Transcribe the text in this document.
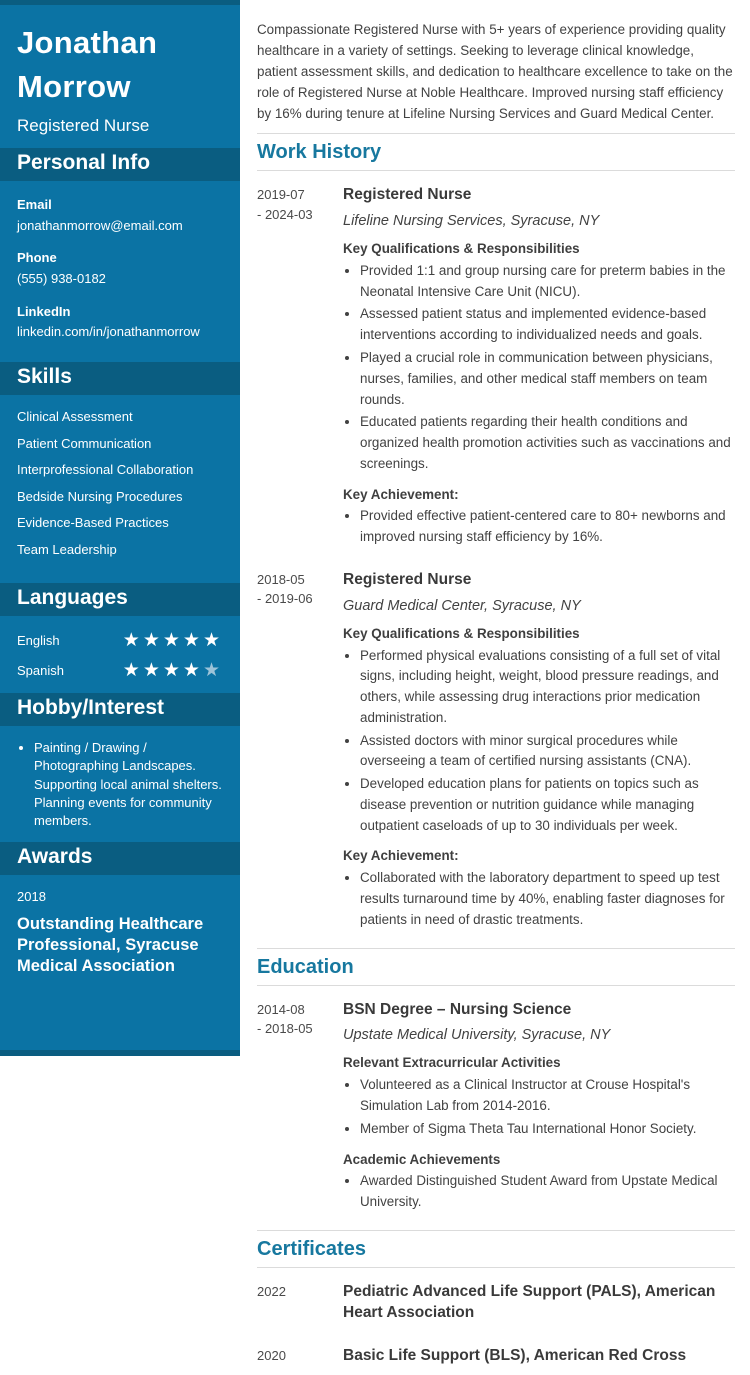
Jonathan Morrow
Registered Nurse
Personal Info
Email
jonathanmorrow@email.com
Phone
(555) 938-0182
LinkedIn
linkedin.com/in/jonathanmorrow
Skills
Clinical Assessment
Patient Communication
Interprofessional Collaboration
Bedside Nursing Procedures
Evidence-Based Practices
Team Leadership
Languages
English	★★★★★
Spanish	★★★★★
Hobby/Interest
• Painting / Drawing / Photographing Landscapes.
Supporting local animal shelters.
Planning events for community members.
Awards
2018
Outstanding Healthcare Professional, Syracuse Medical Association

Compassionate Registered Nurse with 5+ years of experience providing quality healthcare in a variety of settings. Seeking to leverage clinical knowledge, patient assessment skills, and dedication to healthcare excellence to take on the role of Registered Nurse at Noble Healthcare. Improved nursing staff efficiency by 16% during tenure at Lifeline Nursing Services and Guard Medical Center.

Work History
2019-07
- 2024-03
Registered Nurse
Lifeline Nursing Services, Syracuse, NY
Key Qualifications & Responsibilities
• Provided 1:1 and group nursing care for preterm babies in the Neonatal Intensive Care Unit (NICU).
• Assessed patient status and implemented evidence-based interventions according to individualized needs and goals.
• Played a crucial role in communication between physicians, nurses, families, and other medical staff members on team rounds.
• Educated patients regarding their health conditions and organized health promotion activities such as vaccinations and screenings.
Key Achievement:
• Provided effective patient-centered care to 80+ newborns and improved nursing staff efficiency by 16%.
2018-05
- 2019-06
Registered Nurse
Guard Medical Center, Syracuse, NY
Key Qualifications & Responsibilities
• Performed physical evaluations consisting of a full set of vital signs, including height, weight, blood pressure readings, and others, while assessing drug interactions prior medication administration.
• Assisted doctors with minor surgical procedures while overseeing a team of certified nursing assistants (CNA).
• Developed education plans for patients on topics such as disease prevention or nutrition guidance while managing outpatient caseloads of up to 30 individuals per week.
Key Achievement:
• Collaborated with the laboratory department to speed up test results turnaround time by 40%, enabling faster diagnoses for patients in need of drastic treatments.
Education
2014-08
- 2018-05
BSN Degree – Nursing Science
Upstate Medical University, Syracuse, NY
Relevant Extracurricular Activities
• Volunteered as a Clinical Instructor at Crouse Hospital's Simulation Lab from 2014-2016.
• Member of Sigma Theta Tau International Honor Society.
Academic Achievements
• Awarded Distinguished Student Award from Upstate Medical University.
Certificates
2022	Pediatric Advanced Life Support (PALS), American Heart Association
2020	Basic Life Support (BLS), American Red Cross
